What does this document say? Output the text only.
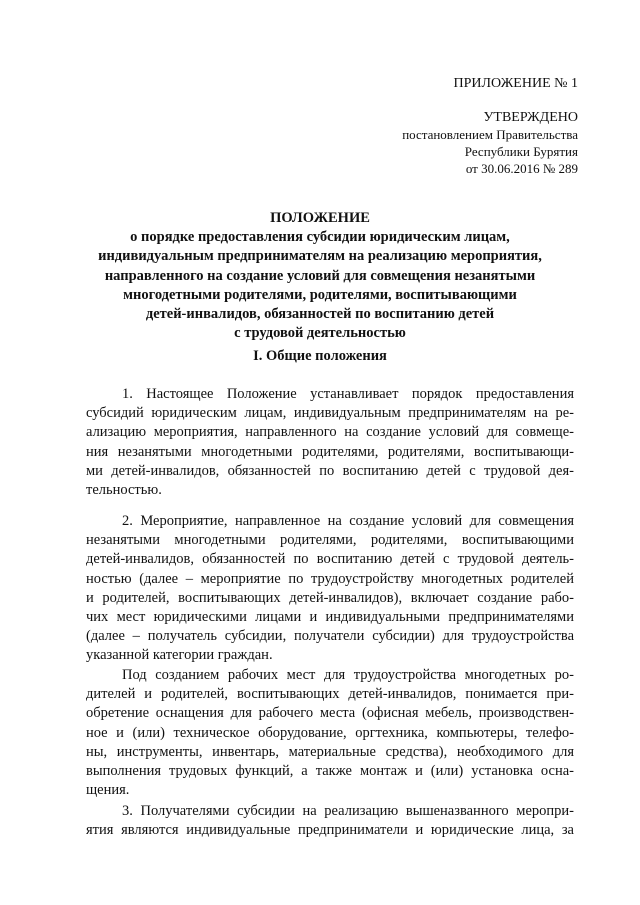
ПРИЛОЖЕНИЕ № 1
УТВЕРЖДЕНО
постановлением Правительства
Республики Бурятия
от 30.06.2016 № 289
ПОЛОЖЕНИЕ
о порядке предоставления субсидии юридическим лицам,
индивидуальным предпринимателям на реализацию мероприятия,
направленного на создание условий для совмещения незанятыми
многодетными родителями, родителями, воспитывающими
детей-инвалидов, обязанностей по воспитанию детей
с трудовой деятельностью
I. Общие положения
1. Настоящее Положение устанавливает порядок предоставления
субсидий юридическим лицам, индивидуальным предпринимателям на ре-
ализацию мероприятия, направленного на создание условий для совмеще-
ния незанятыми многодетными родителями, родителями, воспитывающи-
ми детей-инвалидов, обязанностей по воспитанию детей с трудовой дея-
тельностью.
2. Мероприятие, направленное на создание условий для совмещения
незанятыми многодетными родителями, родителями, воспитывающими
детей-инвалидов, обязанностей по воспитанию детей с трудовой деятель-
ностью (далее – мероприятие по трудоустройству многодетных родителей
и родителей, воспитывающих детей-инвалидов), включает создание рабо-
чих мест юридическими лицами и индивидуальными предпринимателями
(далее – получатель субсидии, получатели субсидии) для трудоустройства
указанной категории граждан.
Под созданием рабочих мест для трудоустройства многодетных ро-
дителей и родителей, воспитывающих детей-инвалидов, понимается при-
обретение оснащения для рабочего места (офисная мебель, производствен-
ное и (или) техническое оборудование, оргтехника, компьютеры, телефо-
ны, инструменты, инвентарь, материальные средства), необходимого для
выполнения трудовых функций, а также монтаж и (или) установка осна-
щения.
3. Получателями субсидии на реализацию вышеназванного меропри-
ятия являются индивидуальные предприниматели и юридические лица, за
